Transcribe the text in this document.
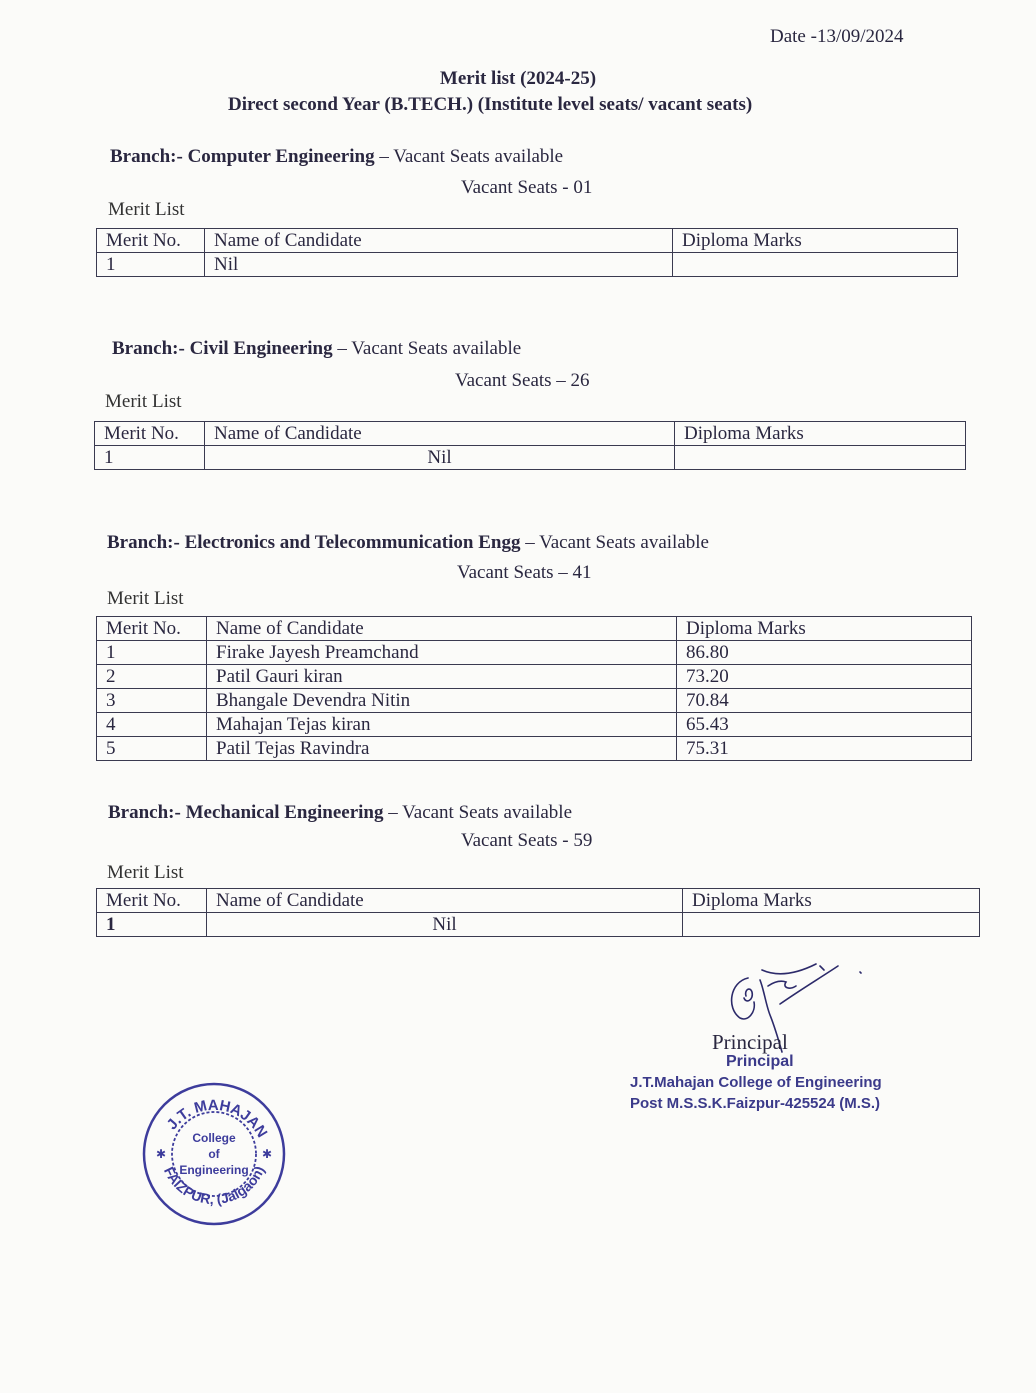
Date -13/09/2024
Merit list (2024-25)
Direct second Year (B.TECH.) (Institute level seats/ vacant seats)
Branch:- Computer Engineering – Vacant Seats available
Vacant Seats - 01
Merit List
Merit No.	Name of Candidate	Diploma Marks
1	Nil	
Branch:- Civil Engineering – Vacant Seats available
Vacant Seats – 26
Merit List
Merit No.	Name of Candidate	Diploma Marks
1	Nil	
Branch:- Electronics and Telecommunication Engg – Vacant Seats available
Vacant Seats – 41
Merit List
Merit No.	Name of Candidate	Diploma Marks
1	Firake Jayesh Preamchand	86.80
2	Patil Gauri kiran	73.20
3	Bhangale Devendra Nitin	70.84
4	Mahajan Tejas kiran	65.43
5	Patil Tejas Ravindra	75.31
Branch:- Mechanical Engineering – Vacant Seats available
Vacant Seats - 59
Merit List
Merit No.	Name of Candidate	Diploma Marks
1	Nil	
Principal
Principal
J.T.Mahajan College of Engineering
Post M.S.S.K.Faizpur-425524 (M.S.)
J.T. MAHAJAN
FAIZPUR, (Jalgaon)
College
of
Engineering
✱	✱
